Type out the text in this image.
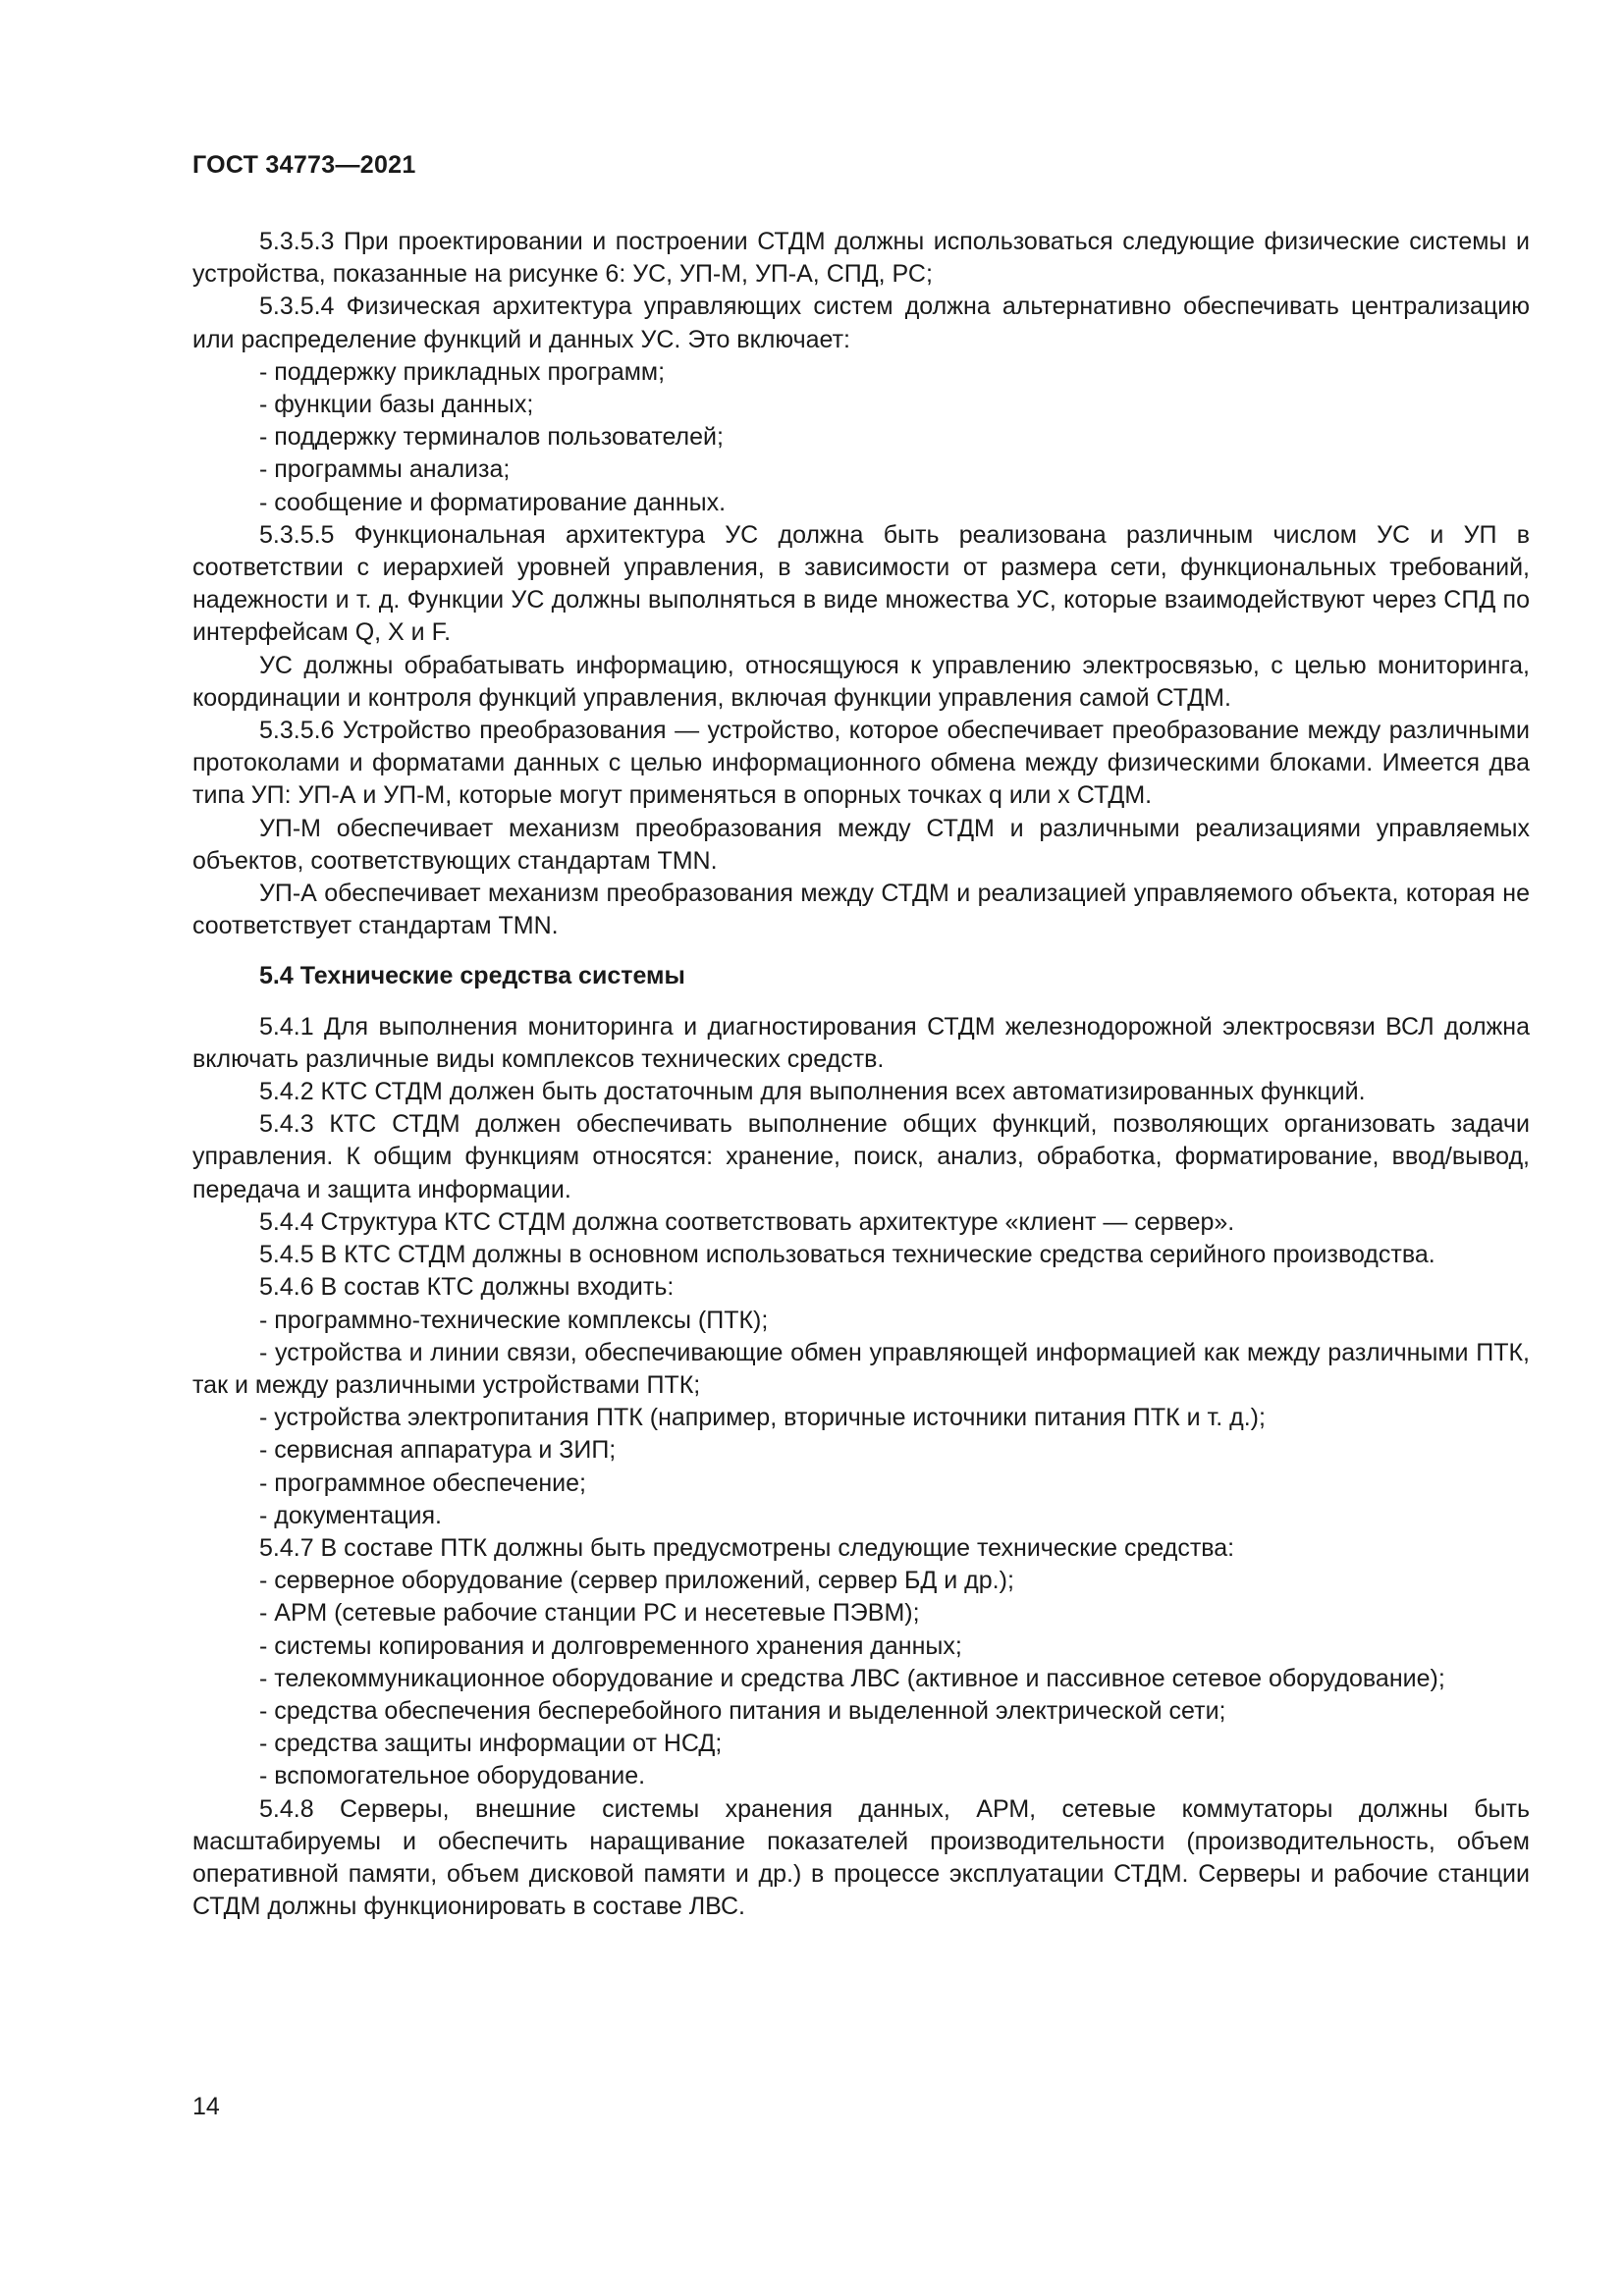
ГОСТ 34773—2021

5.3.5.3 При проектировании и построении СТДМ должны использоваться следующие физические системы и устройства, показанные на рисунке 6: УС, УП-М, УП-А, СПД, РС;

5.3.5.4 Физическая архитектура управляющих систем должна альтернативно обеспечивать централизацию или распределение функций и данных УС. Это включает:

- поддержку прикладных программ;

- функции базы данных;

- поддержку терминалов пользователей;

- программы анализа;

- сообщение и форматирование данных.

5.3.5.5 Функциональная архитектура УС должна быть реализована различным числом УС и УП в соответствии с иерархией уровней управления, в зависимости от размера сети, функциональных требований, надежности и т. д. Функции УС должны выполняться в виде множества УС, которые взаимодействуют через СПД по интерфейсам Q, X и F.

УС должны обрабатывать информацию, относящуюся к управлению электросвязью, с целью мониторинга, координации и контроля функций управления, включая функции управления самой СТДМ.

5.3.5.6 Устройство преобразования — устройство, которое обеспечивает преобразование между различными протоколами и форматами данных с целью информационного обмена между физическими блоками. Имеется два типа УП: УП-А и УП-М, которые могут применяться в опорных точках q или x СТДМ.

УП-М обеспечивает механизм преобразования между СТДМ и различными реализациями управляемых объектов, соответствующих стандартам TMN.

УП-А обеспечивает механизм преобразования между СТДМ и реализацией управляемого объекта, которая не соответствует стандартам TMN.

5.4 Технические средства системы

5.4.1 Для выполнения мониторинга и диагностирования СТДМ железнодорожной электросвязи ВСЛ должна включать различные виды комплексов технических средств.

5.4.2 КТС СТДМ должен быть достаточным для выполнения всех автоматизированных функций.

5.4.3 КТС СТДМ должен обеспечивать выполнение общих функций, позволяющих организовать задачи управления. К общим функциям относятся: хранение, поиск, анализ, обработка, форматирование, ввод/вывод, передача и защита информации.

5.4.4 Структура КТС СТДМ должна соответствовать архитектуре «клиент — сервер».

5.4.5 В КТС СТДМ должны в основном использоваться технические средства серийного производства.

5.4.6 В состав КТС должны входить:

- программно-технические комплексы (ПТК);

- устройства и линии связи, обеспечивающие обмен управляющей информацией как между различными ПТК, так и между различными устройствами ПТК;

- устройства электропитания ПТК (например, вторичные источники питания ПТК и т. д.);

- сервисная аппаратура и ЗИП;

- программное обеспечение;

- документация.

5.4.7 В составе ПТК должны быть предусмотрены следующие технические средства:

- серверное оборудование (сервер приложений, сервер БД и др.);

- АРМ (сетевые рабочие станции РС и несетевые ПЭВМ);

- системы копирования и долговременного хранения данных;

- телекоммуникационное оборудование и средства ЛВС (активное и пассивное сетевое оборудование);

- средства обеспечения бесперебойного питания и выделенной электрической сети;

- средства защиты информации от НСД;

- вспомогательное оборудование.

5.4.8 Серверы, внешние системы хранения данных, АРМ, сетевые коммутаторы должны быть масштабируемы и обеспечить наращивание показателей производительности (производительность, объем оперативной памяти, объем дисковой памяти и др.) в процессе эксплуатации СТДМ. Серверы и рабочие станции СТДМ должны функционировать в составе ЛВС.

14
